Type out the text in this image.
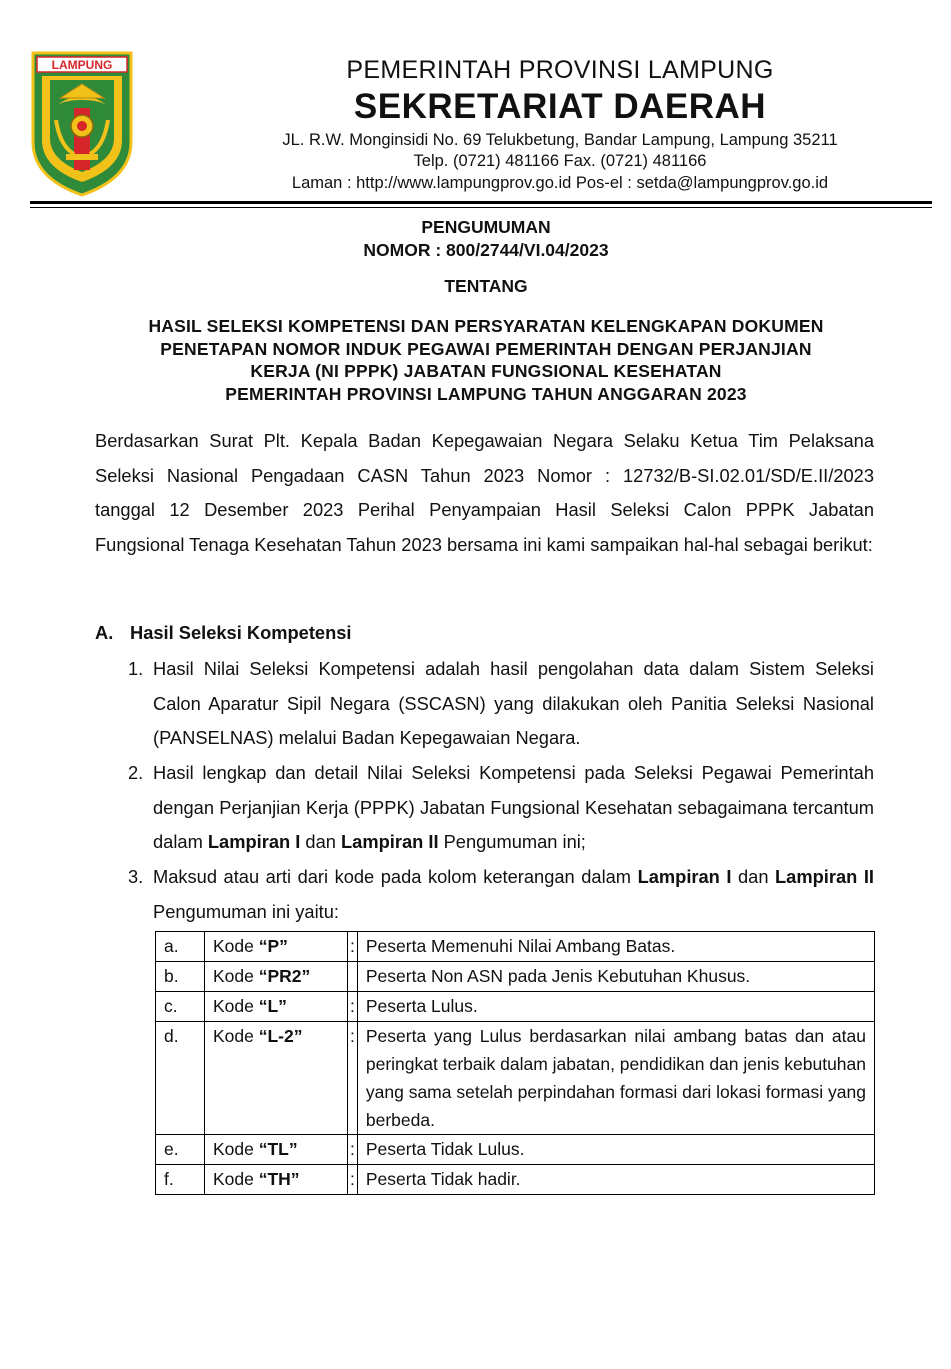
LAMPUNG	PEMERINTAH PROVINSI LAMPUNG
SEKRETARIAT DAERAH
JL. R.W. Monginsidi No. 69 Telukbetung, Bandar Lampung, Lampung 35211
Telp. (0721) 481166 Fax. (0721) 481166
Laman : http://www.lampungprov.go.id Pos-el : setda@lampungprov.go.id
PENGUMUMAN
NOMOR : 800/2744/VI.04/2023
TENTANG
HASIL SELEKSI KOMPETENSI DAN PERSYARATAN KELENGKAPAN DOKUMEN
PENETAPAN NOMOR INDUK PEGAWAI PEMERINTAH DENGAN PERJANJIAN
KERJA (NI PPPK) JABATAN FUNGSIONAL KESEHATAN
PEMERINTAH PROVINSI LAMPUNG TAHUN ANGGARAN 2023
Berdasarkan Surat Plt. Kepala Badan Kepegawaian Negara Selaku Ketua Tim Pelaksana Seleksi Nasional Pengadaan CASN Tahun 2023 Nomor : 12732/B-SI.02.01/SD/E.II/2023 tanggal 12 Desember 2023 Perihal Penyampaian Hasil Seleksi Calon PPPK Jabatan Fungsional Tenaga Kesehatan Tahun 2023 bersama ini kami sampaikan hal-hal sebagai berikut:
A. Hasil Seleksi Kompetensi
1. Hasil Nilai Seleksi Kompetensi adalah hasil pengolahan data dalam Sistem Seleksi Calon Aparatur Sipil Negara (SSCASN) yang dilakukan oleh Panitia Seleksi Nasional (PANSELNAS) melalui Badan Kepegawaian Negara.
2. Hasil lengkap dan detail Nilai Seleksi Kompetensi pada Seleksi Pegawai Pemerintah dengan Perjanjian Kerja (PPPK) Jabatan Fungsional Kesehatan sebagaimana tercantum dalam Lampiran I dan Lampiran II Pengumuman ini;
3. Maksud atau arti dari kode pada kolom keterangan dalam Lampiran I dan Lampiran II Pengumuman ini yaitu:
a.	Kode “P”	:	Peserta Memenuhi Nilai Ambang Batas.
b.	Kode “PR2”		Peserta Non ASN pada Jenis Kebutuhan Khusus.
c.	Kode “L”	:	Peserta Lulus.
d.	Kode “L-2”	:	Peserta yang Lulus berdasarkan nilai ambang batas dan atau peringkat terbaik dalam jabatan, pendidikan dan jenis kebutuhan yang sama setelah perpindahan formasi dari lokasi formasi yang berbeda.
e.	Kode “TL”	:	Peserta Tidak Lulus.
f.	Kode “TH”	:	Peserta Tidak hadir.
